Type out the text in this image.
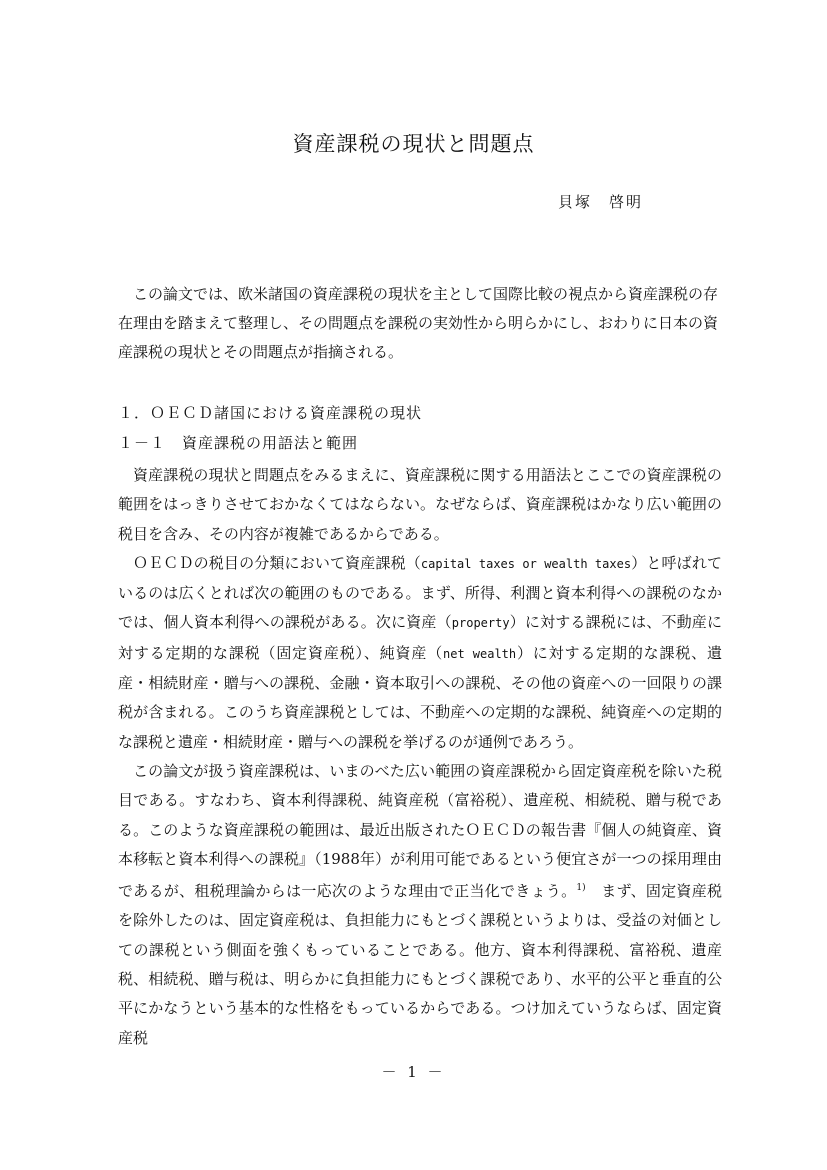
資産課税の現状と問題点
貝塚　啓明

この論文では、欧米諸国の資産課税の現状を主として国際比較の視点から資産課税の存在理由を踏まえて整理し、その問題点を課税の実効性から明らかにし、おわりに日本の資産課税の現状とその問題点が指摘される。

１．ＯＥＣＤ諸国における資産課税の現状
１－１　資産課税の用語法と範囲

資産課税の現状と問題点をみるまえに、資産課税に関する用語法とここでの資産課税の範囲をはっきりさせておかなくてはならない。なぜならば、資産課税はかなり広い範囲の税目を含み、その内容が複雑であるからである。

ＯＥＣＤの税目の分類において資産課税（capital taxes or wealth taxes）と呼ばれているのは広くとれば次の範囲のものである。まず、所得、利潤と資本利得への課税のなかでは、個人資本利得への課税がある。次に資産（property）に対する課税には、不動産に対する定期的な課税（固定資産税）、純資産（net wealth）に対する定期的な課税、遺産・相続財産・贈与への課税、金融・資本取引への課税、その他の資産への一回限りの課税が含まれる。このうち資産課税としては、不動産への定期的な課税、純資産への定期的な課税と遺産・相続財産・贈与への課税を挙げるのが通例であろう。

この論文が扱う資産課税は、いまのべた広い範囲の資産課税から固定資産税を除いた税目である。すなわち、資本利得課税、純資産税（富裕税）、遺産税、相続税、贈与税である。このような資産課税の範囲は、最近出版されたＯＥＣＤの報告書『個人の純資産、資本移転と資本利得への課税』（1988年）が利用可能であるという便宜さが一つの採用理由であるが、租税理論からは一応次のような理由で正当化できょう。$^{1)}$　まず、固定資産税を除外したのは、固定資産税は、負担能力にもとづく課税というよりは、受益の対価としての課税という側面を強くもっていることである。他方、資本利得課税、富裕税、遺産税、相続税、贈与税は、明らかに負担能力にもとづく課税であり、水平的公平と垂直的公平にかなうという基本的な性格をもっているからである。つけ加えていうならば、固定資産税

－ 1 －
